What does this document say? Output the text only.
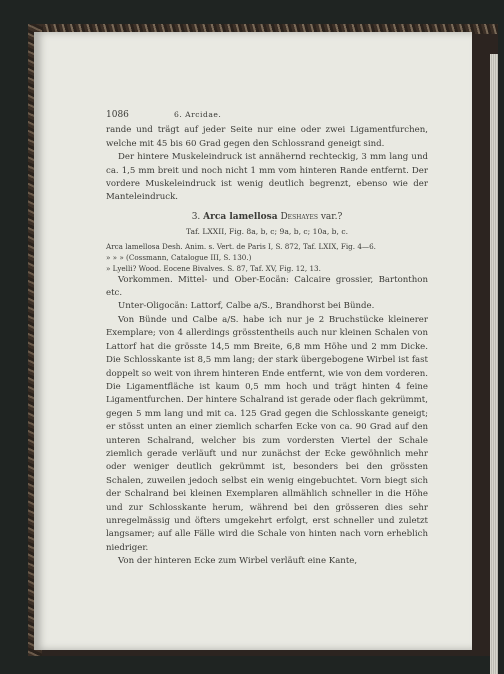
1086	6. Arcidae.

rande und trägt auf jeder Seite nur eine oder zwei Ligamentfurchen, welche mit 45 bis 60 Grad gegen den Schlossrand geneigt sind.

Der hintere Muskeleindruck ist annähernd rechteckig, 3 mm lang und ca. 1,5 mm breit und noch nicht 1 mm vom hinteren Rande entfernt. Der vordere Muskeleindruck ist wenig deutlich begrenzt, ebenso wie der Manteleindruck.

3. Arca lamellosa Deshayes var.?
Taf. LXXII, Fig. 8a, b, c; 9a, b, c; 10a, b, c.
Arca lamellosa Desh. Anim. s. Vert. de Paris I, S. 872, Taf. LXIX, Fig. 4—6.
» » » (Cossmann, Catalogue III, S. 130.)
» Lyelli? Wood. Eocene Bivalves. S. 87, Taf. XV, Fig. 12, 13.

Vorkommen. Mittel- und Ober-Eocän: Calcaire grossier, Bartonthon etc.

Unter-Oligocän: Lattorf, Calbe a/S., Brandhorst bei Bünde.

Von Bünde und Calbe a/S. habe ich nur je 2 Bruchstücke kleinerer Exemplare; von 4 allerdings grösstentheils auch nur kleinen Schalen von Lattorf hat die grösste 14,5 mm Breite, 6,8 mm Höhe und 2 mm Dicke. Die Schlosskante ist 8,5 mm lang; der stark übergebogene Wirbel ist fast doppelt so weit von ihrem hinteren Ende entfernt, wie von dem vorderen. Die Ligamentfläche ist kaum 0,5 mm hoch und trägt hinten 4 feine Ligamentfurchen. Der hintere Schalrand ist gerade oder flach gekrümmt, gegen 5 mm lang und mit ca. 125 Grad gegen die Schlosskante geneigt; er stösst unten an einer ziemlich scharfen Ecke von ca. 90 Grad auf den unteren Schalrand, welcher bis zum vordersten Viertel der Schale ziemlich gerade verläuft und nur zunächst der Ecke gewöhnlich mehr oder weniger deutlich gekrümmt ist, besonders bei den grössten Schalen, zuweilen jedoch selbst ein wenig eingebuchtet. Vorn biegt sich der Schalrand bei kleinen Exemplaren allmählich schneller in die Höhe und zur Schlosskante herum, während bei den grösseren dies sehr unregelmässig und öfters umgekehrt erfolgt, erst schneller und zuletzt langsamer; auf alle Fälle wird die Schale von hinten nach vorn erheblich niedriger.

Von der hinteren Ecke zum Wirbel verläuft eine Kante,
